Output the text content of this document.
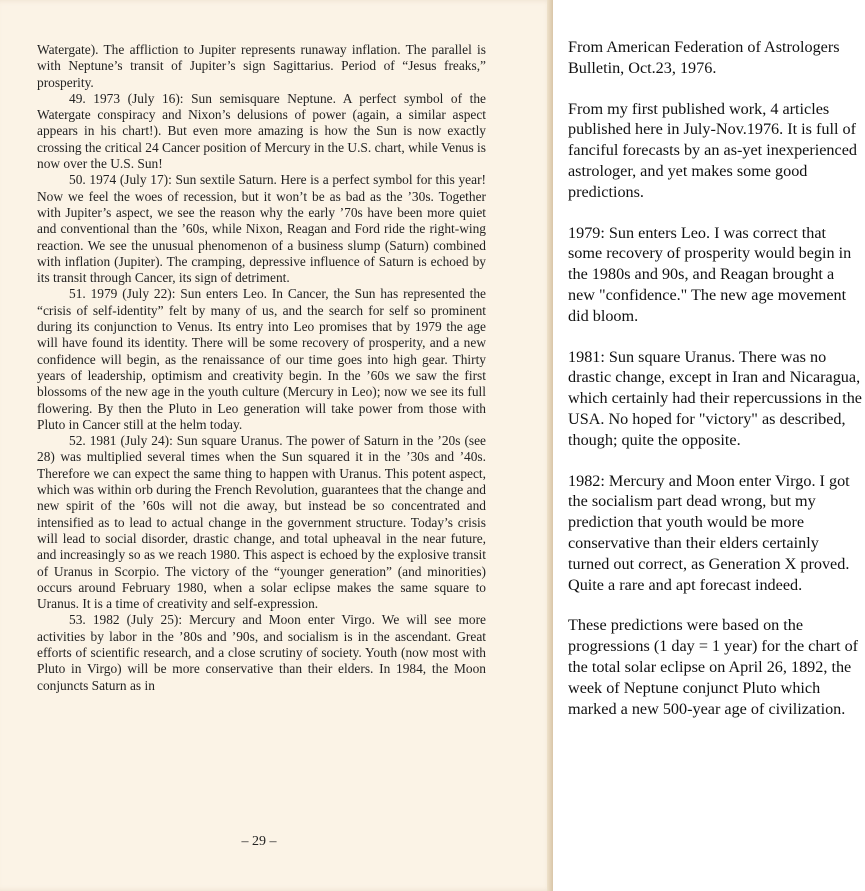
Watergate). The affliction to Jupiter represents runaway inflation. The parallel is with Neptune’s transit of Jupiter’s sign Sagittarius. Period of “Jesus freaks,” prosperity.

49. 1973 (July 16): Sun semisquare Neptune. A perfect symbol of the Watergate conspiracy and Nixon’s delusions of power (again, a similar aspect appears in his chart!). But even more amazing is how the Sun is now exactly crossing the critical 24 Cancer position of Mercury in the U.S. chart, while Venus is now over the U.S. Sun!

50. 1974 (July 17): Sun sextile Saturn. Here is a perfect symbol for this year! Now we feel the woes of recession, but it won’t be as bad as the ’30s. Together with Jupiter’s aspect, we see the reason why the early ’70s have been more quiet and conventional than the ’60s, while Nixon, Reagan and Ford ride the right-wing reaction. We see the unusual phenomenon of a business slump (Saturn) combined with inflation (Jupiter). The cramping, depressive influence of Saturn is echoed by its transit through Cancer, its sign of detriment.

51. 1979 (July 22): Sun enters Leo. In Cancer, the Sun has represented the “crisis of self-identity” felt by many of us, and the search for self so prominent during its conjunction to Venus. Its entry into Leo promises that by 1979 the age will have found its identity. There will be some recovery of prosperity, and a new confidence will begin, as the renaissance of our time goes into high gear. Thirty years of leadership, optimism and creativity begin. In the ’60s we saw the first blossoms of the new age in the youth culture (Mercury in Leo); now we see its full flowering. By then the Pluto in Leo generation will take power from those with Pluto in Cancer still at the helm today.

52. 1981 (July 24): Sun square Uranus. The power of Saturn in the ’20s (see 28) was multiplied several times when the Sun squared it in the ’30s and ’40s. Therefore we can expect the same thing to happen with Uranus. This potent aspect, which was within orb during the French Revolution, guarantees that the change and new spirit of the ’60s will not die away, but instead be so concentrated and intensified as to lead to actual change in the government structure. Today’s crisis will lead to social disorder, drastic change, and total upheaval in the near future, and increasingly so as we reach 1980. This aspect is echoed by the explosive transit of Uranus in Scorpio. The victory of the “younger generation” (and minorities) occurs around February 1980, when a solar eclipse makes the same square to Uranus. It is a time of creativity and self-expression.

53. 1982 (July 25): Mercury and Moon enter Virgo. We will see more activities by labor in the ’80s and ’90s, and socialism is in the ascendant. Great efforts of scientific research, and a close scrutiny of society. Youth (now most with Pluto in Virgo) will be more conservative than their elders. In 1984, the Moon conjuncts Saturn as in

– 29 –

From American Federation of Astrologers Bulletin, Oct.23, 1976.

From my first published work, 4 articles published here in July-Nov.1976. It is full of fanciful forecasts by an as-yet inexperienced astrologer, and yet makes some good predictions.

1979: Sun enters Leo. I was correct that some recovery of prosperity would begin in the 1980s and 90s, and Reagan brought a new "confidence." The new age movement did bloom.

1981: Sun square Uranus. There was no drastic change, except in Iran and Nicaragua, which certainly had their repercussions in the USA. No hoped for "victory" as described, though; quite the opposite.

1982: Mercury and Moon enter Virgo. I got the socialism part dead wrong, but my prediction that youth would be more conservative than their elders certainly turned out correct, as Generation X proved. Quite a rare and apt forecast indeed.

These predictions were based on the progressions (1 day = 1 year) for the chart of the total solar eclipse on April 26, 1892, the week of Neptune conjunct Pluto which marked a new 500-year age of civilization.
